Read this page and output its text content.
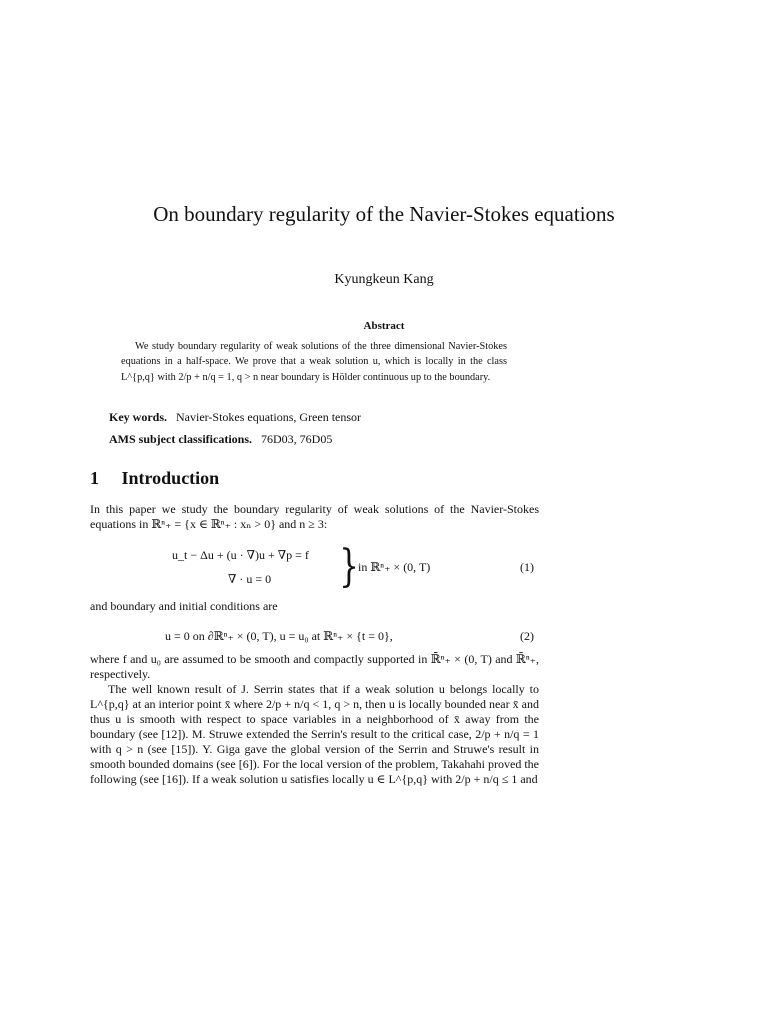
On boundary regularity of the Navier-Stokes equations
Kyungkeun Kang
Abstract
We study boundary regularity of weak solutions of the three dimensional Navier-Stokes equations in a half-space. We prove that a weak solution u, which is locally in the class L^{p,q} with 2/p + n/q = 1, q > n near boundary is Hölder continuous up to the boundary.
Key words. Navier-Stokes equations, Green tensor
AMS subject classifications. 76D03, 76D05
1 Introduction
In this paper we study the boundary regularity of weak solutions of the Navier-Stokes equations in ℝⁿ₊ = {x ∈ ℝⁿ₊ : xₙ > 0} and n ≥ 3:
u_t − Δu + (u · ∇)u + ∇p = f
∇ · u = 0 } in ℝⁿ₊ × (0, T)	(1)
and boundary and initial conditions are
u = 0 on ∂ℝⁿ₊ × (0, T), u = u₀ at ℝⁿ₊ × {t = 0},	(2)
where f and u₀ are assumed to be smooth and compactly supported in ℝ̄ⁿ₊ × (0, T) and ℝ̄ⁿ₊, respectively.
The well known result of J. Serrin states that if a weak solution u belongs locally to L^{p,q} at an interior point x̄ where 2/p + n/q < 1, q > n, then u is locally bounded near x̄ and thus u is smooth with respect to space variables in a neighborhood of x̄ away from the boundary (see [12]). M. Struwe extended the Serrin's result to the critical case, 2/p + n/q = 1 with q > n (see [15]). Y. Giga gave the global version of the Serrin and Struwe's result in smooth bounded domains (see [6]). For the local version of the problem, Takahahi proved the following (see [16]). If a weak solution u satisfies locally u ∈ L^{p,q} with 2/p + n/q ≤ 1 and
